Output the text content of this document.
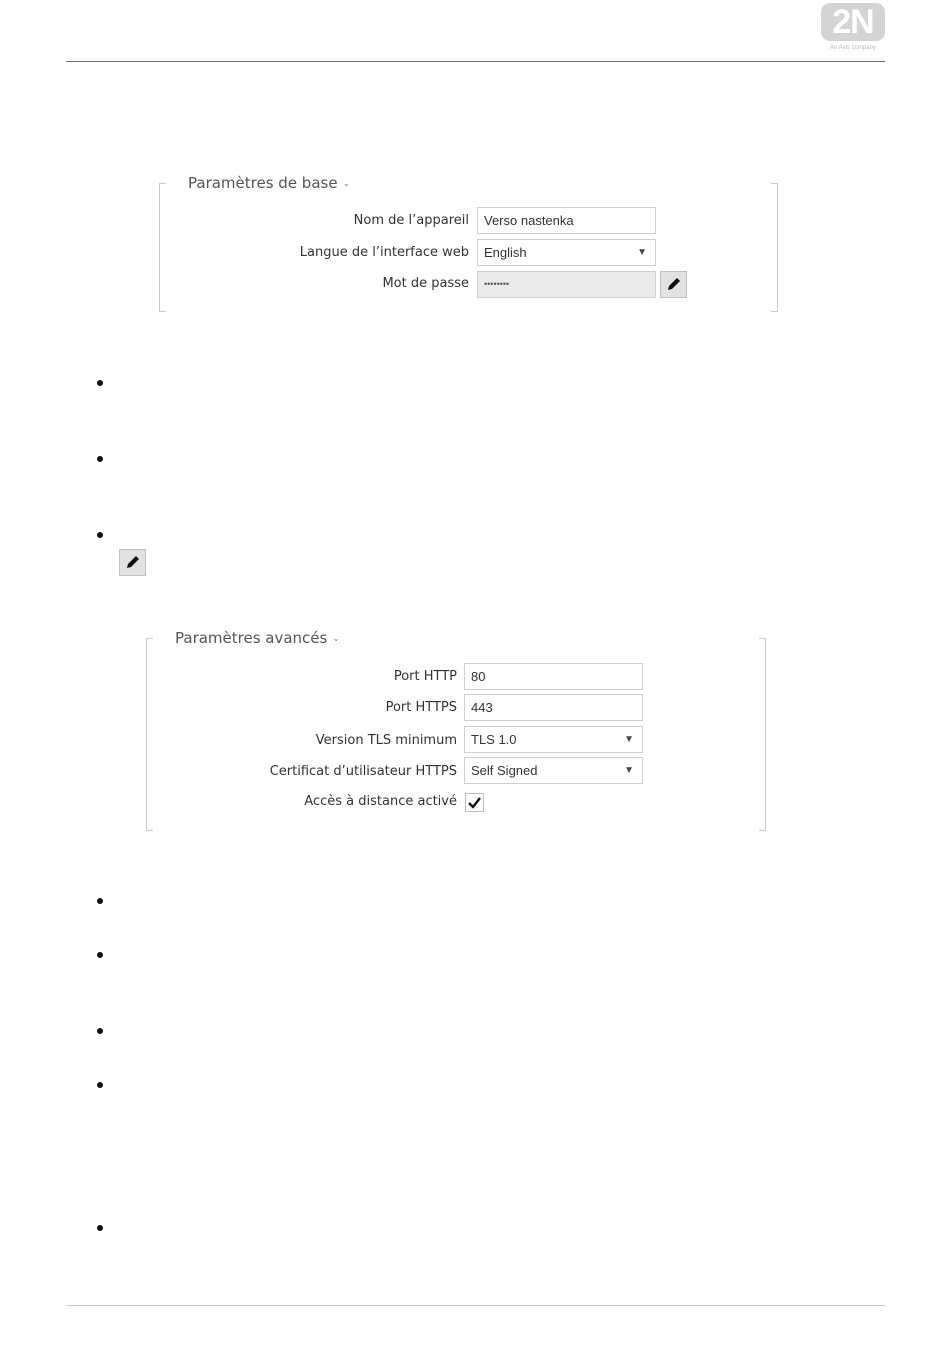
2N
An Axis company
Paramètres de base ⌄
Nom de l’appareil	Verso nastenka
Langue de l’interface web	English	▼
Mot de passe	••••••••
Paramètres avancés ⌄
Port HTTP	80
Port HTTPS	443
Version TLS minimum	TLS 1.0	▼
Certificat d’utilisateur HTTPS	Self Signed	▼
Accès à distance activé
